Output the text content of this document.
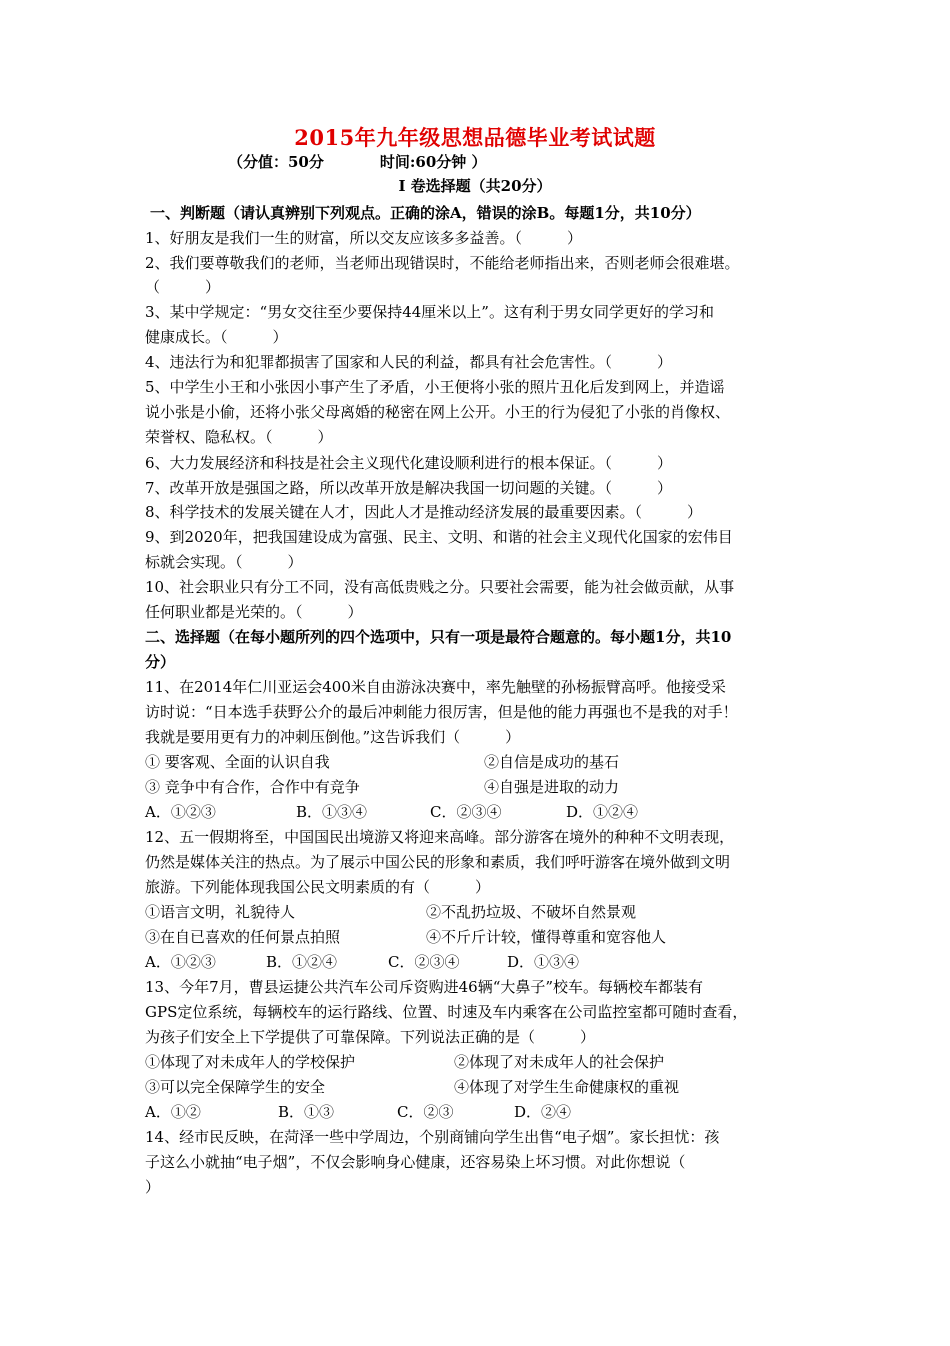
2015年九年级思想品德毕业考试试题
（分值：50分	时间:60分钟 ）
Ⅰ 卷选择题（共20分）
一、判断题（请认真辨别下列观点。正确的涂A，错误的涂B。每题1分，共10分）
1、好朋友是我们一生的财富，所以交友应该多多益善。（　　　）
2、我们要尊敬我们的老师，当老师出现错误时，不能给老师指出来，否则老师会很难堪。
（　　　）
3、某中学规定：“男女交往至少要保持44厘米以上”。这有利于男女同学更好的学习和
健康成长。（　　　）
4、违法行为和犯罪都损害了国家和人民的利益，都具有社会危害性。（　　　）
5、中学生小王和小张因小事产生了矛盾，小王便将小张的照片丑化后发到网上，并造谣
说小张是小偷，还将小张父母离婚的秘密在网上公开。小王的行为侵犯了小张的肖像权、
荣誉权、隐私权。（　　　）
6、大力发展经济和科技是社会主义现代化建设顺利进行的根本保证。（　　　）
7、改革开放是强国之路，所以改革开放是解决我国一切问题的关键。（　　　）
8、科学技术的发展关键在人才，因此人才是推动经济发展的最重要因素。（　　　）
9、到2020年，把我国建设成为富强、民主、文明、和谐的社会主义现代化国家的宏伟目
标就会实现。（　　　）
10、社会职业只有分工不同，没有高低贵贱之分。只要社会需要，能为社会做贡献，从事
任何职业都是光荣的。（　　　）
二、选择题（在每小题所列的四个选项中，只有一项是最符合题意的。每小题1分，共10
分）
11、在2014年仁川亚运会400米自由游泳决赛中，率先触壁的孙杨振臂高呼。他接受采
访时说：“日本选手获野公介的最后冲刺能力很厉害，但是他的能力再强也不是我的对手！
我就是要用更有力的冲刺压倒他。”这告诉我们（　　　）
① 要客观、全面的认识自我	②自信是成功的基石
③ 竞争中有合作，合作中有竞争	④自强是进取的动力
A．①②③	B．①③④	C．②③④	D．①②④
12、五一假期将至，中国国民出境游又将迎来高峰。部分游客在境外的种种不文明表现，
仍然是媒体关注的热点。为了展示中国公民的形象和素质，我们呼吁游客在境外做到文明
旅游。下列能体现我国公民文明素质的有（　　　）
①语言文明，礼貌待人	②不乱扔垃圾、不破坏自然景观
③在自已喜欢的任何景点拍照	④不斤斤计较，懂得尊重和宽容他人
A．①②③	B．①②④	C．②③④	D．①③④
13、今年7月，曹县运捷公共汽车公司斥资购进46辆“大鼻子”校车。每辆校车都装有
GPS定位系统，每辆校车的运行路线、位置、时速及车内乘客在公司监控室都可随时查看，
为孩子们安全上下学提供了可靠保障。下列说法正确的是（　　　）
①体现了对未成年人的学校保护	②体现了对未成年人的社会保护
③可以完全保障学生的安全	④体现了对学生生命健康权的重视
A．①②	B．①③	C．②③	D．②④
14、经市民反映，在菏泽一些中学周边，个别商铺向学生出售“电子烟”。家长担忧：孩
子这么小就抽“电子烟”，不仅会影响身心健康，还容易染上坏习惯。对此你想说（
）
